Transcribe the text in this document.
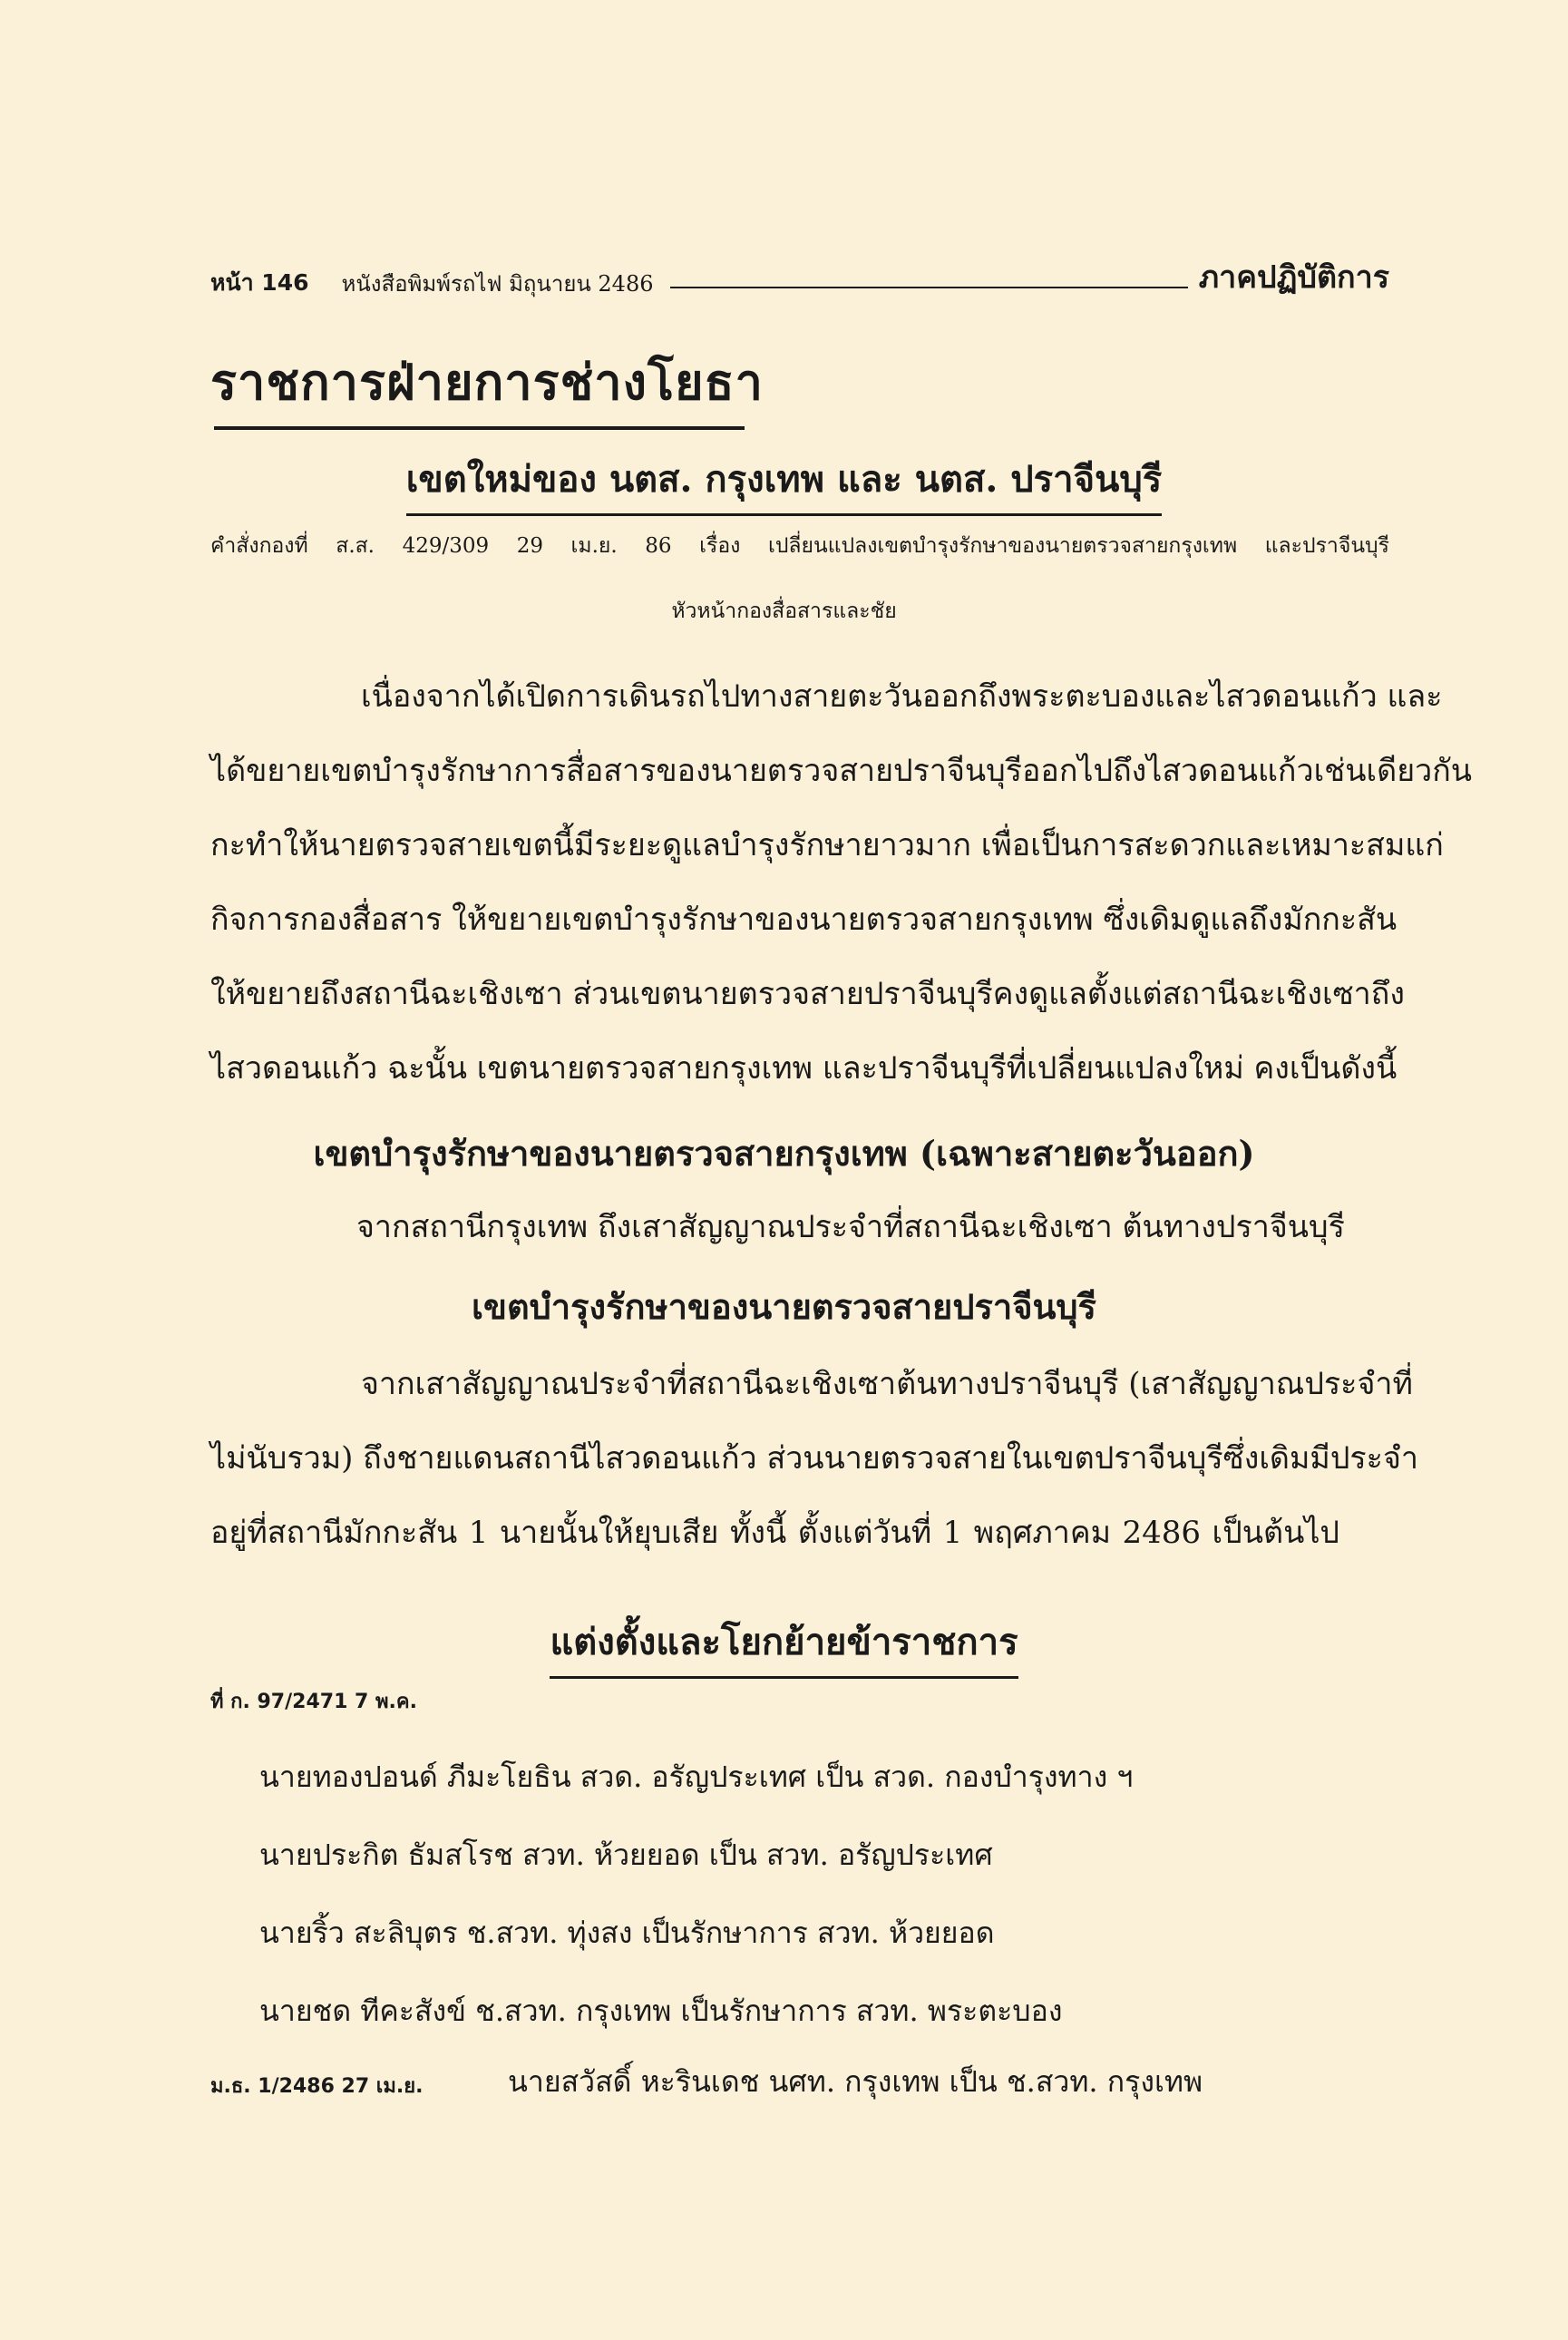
หน้า 146 หนังสือพิมพ์รถไฟ มิถุนายน 2486	ภาคปฏิบัติการ
ราชการฝ่ายการช่างโยธา
เขตใหม่ของ นตส. กรุงเทพ และ นตส. ปราจีนบุรี
คำสั่งกองที่ ส.ส. 429/309 29 เม.ย. 86 เรื่อง เปลี่ยนแปลงเขตบำรุงรักษาของนายตรวจสายกรุงเทพ และปราจีนบุรี
หัวหน้ากองสื่อสารและชัย
เนื่องจากได้เปิดการเดินรถไปทางสายตะวันออกถึงพระตะบองและไสวดอนแก้ว และ
ได้ขยายเขตบำรุงรักษาการสื่อสารของนายตรวจสายปราจีนบุรีออกไปถึงไสวดอนแก้วเช่นเดียวกัน
กะทำให้นายตรวจสายเขตนี้มีระยะดูแลบำรุงรักษายาวมาก เพื่อเป็นการสะดวกและเหมาะสมแก่
กิจการกองสื่อสาร ให้ขยายเขตบำรุงรักษาของนายตรวจสายกรุงเทพ ซึ่งเดิมดูแลถึงมักกะสัน
ให้ขยายถึงสถานีฉะเชิงเซา ส่วนเขตนายตรวจสายปราจีนบุรีคงดูแลตั้งแต่สถานีฉะเชิงเซาถึง
ไสวดอนแก้ว ฉะนั้น เขตนายตรวจสายกรุงเทพ และปราจีนบุรีที่เปลี่ยนแปลงใหม่ คงเป็นดังนี้
เขตบำรุงรักษาของนายตรวจสายกรุงเทพ (เฉพาะสายตะวันออก)
จากสถานีกรุงเทพ ถึงเสาสัญญาณประจำที่สถานีฉะเชิงเซา ต้นทางปราจีนบุรี
เขตบำรุงรักษาของนายตรวจสายปราจีนบุรี
จากเสาสัญญาณประจำที่สถานีฉะเชิงเซาต้นทางปราจีนบุรี (เสาสัญญาณประจำที่
ไม่นับรวม) ถึงชายแดนสถานีไสวดอนแก้ว ส่วนนายตรวจสายในเขตปราจีนบุรีซึ่งเดิมมีประจำ
อยู่ที่สถานีมักกะสัน 1 นายนั้นให้ยุบเสีย ทั้งนี้ ตั้งแต่วันที่ 1 พฤศภาคม 2486 เป็นต้นไป
แต่งตั้งและโยกย้ายข้าราชการ
ที่ ก. 97/2471 7 พ.ค.
นายทองปอนด์ ภีมะโยธิน สวด. อรัญประเทศ เป็น สวด. กองบำรุงทาง ฯ
นายประกิต ธัมสโรช สวท. ห้วยยอด เป็น สวท. อรัญประเทศ
นายริ้ว สะลิบุตร ช.สวท. ทุ่งสง เป็นรักษาการ สวท. ห้วยยอด
นายชด ทีคะสังข์ ช.สวท. กรุงเทพ เป็นรักษาการ สวท. พระตะบอง
ม.ธ. 1/2486 27 เม.ย.	นายสวัสดิ์ หะรินเดช นศท. กรุงเทพ เป็น ช.สวท. กรุงเทพ
